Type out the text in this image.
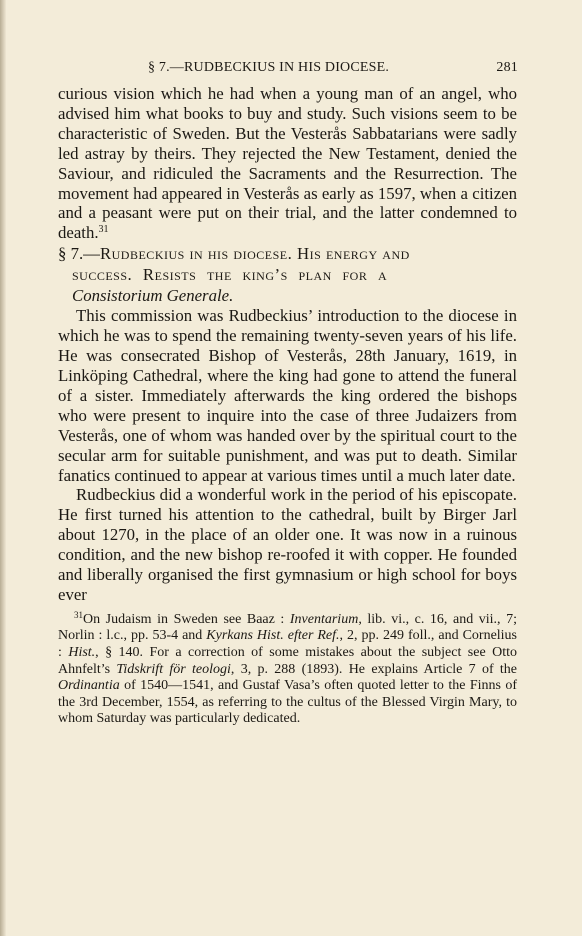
§ 7.—RUDBECKIUS IN HIS DIOCESE.	281

curious vision which he had when a young man of an angel, who advised him what books to buy and study. Such visions seem to be characteristic of Sweden. But the Vesterås Sabbatarians were sadly led astray by theirs. They rejected the New Testament, denied the Saviour, and ridiculed the Sacraments and the Resurrection. The movement had appeared in Vesterås as early as 1597, when a citizen and a peasant were put on their trial, and the latter condemned to death.$^{31}$

§ 7.—Rudbeckius in his diocese. His energy and
success. Resists the king’s plan for a
Consistorium Generale.

This commission was Rudbeckius’ introduction to the diocese in which he was to spend the remaining twenty-seven years of his life. He was consecrated Bishop of Vesterås, 28th January, 1619, in Linköping Cathedral, where the king had gone to attend the funeral of a sister. Immediately afterwards the king ordered the bishops who were present to inquire into the case of three Judaizers from Vesterås, one of whom was handed over by the spiritual court to the secular arm for suitable punishment, and was put to death. Similar fanatics continued to appear at various times until a much later date.

Rudbeckius did a wonderful work in the period of his episcopate. He first turned his attention to the cathedral, built by Birger Jarl about 1270, in the place of an older one. It was now in a ruinous condition, and the new bishop re-roofed it with copper. He founded and liberally organised the first gymnasium or high school for boys ever

$^{31}$On Judaism in Sweden see Baaz : Inventarium, lib. vi., c. 16, and vii., 7; Norlin : l.c., pp. 53-4 and Kyrkans Hist. efter Ref., 2, pp. 249 foll., and Cornelius : Hist., § 140. For a correction of some mistakes about the subject see Otto Ahnfelt’s Tidskrift för teologi, 3, p. 288 (1893). He explains Article 7 of the Ordinantia of 1540—1541, and Gustaf Vasa’s often quoted letter to the Finns of the 3rd December, 1554, as referring to the cultus of the Blessed Virgin Mary, to whom Saturday was particularly dedicated.
